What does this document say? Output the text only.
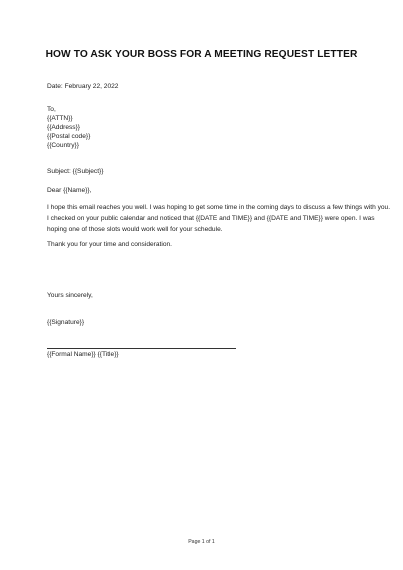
HOW TO ASK YOUR BOSS FOR A MEETING REQUEST LETTER
Date: February 22, 2022
To,
{{ATTN}}
{{Address}}
{{Postal code}}
{{Country}}
Subject: {{Subject}}
Dear {{Name}},
I hope this email reaches you well. I was hoping to get some time in the coming days to discuss a few things with you. I checked on your public calendar and noticed that {{DATE and TIME}} and {{DATE and TIME}} were open. I was hoping one of those slots would work well for your schedule.
Thank you for your time and consideration.
Yours sincerely,
{{Signature}}
{{Formal Name}} {{Title}}
Page 1 of 1
